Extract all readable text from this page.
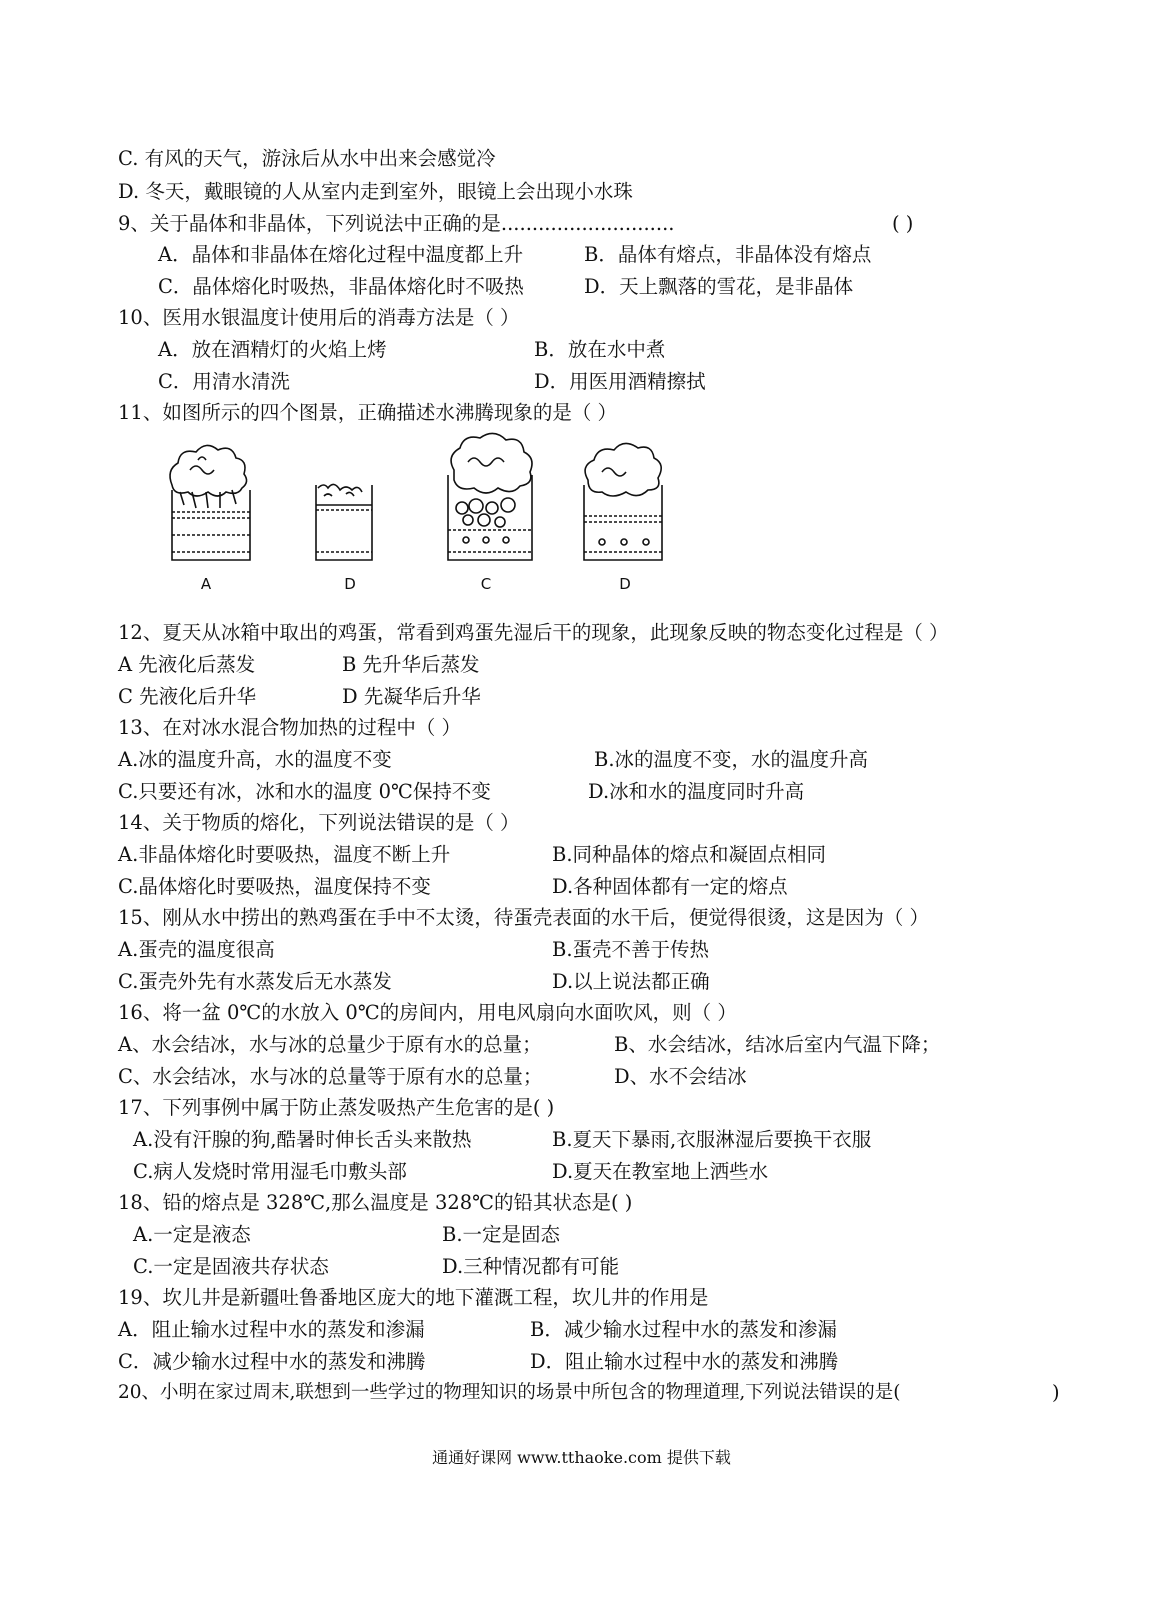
C. 有风的天气，游泳后从水中出来会感觉冷
D. 冬天，戴眼镜的人从室内走到室外，眼镜上会出现小水珠
9、关于晶体和非晶体，下列说法中正确的是............................	( )
A．晶体和非晶体在熔化过程中温度都上升	B．晶体有熔点，非晶体没有熔点
C．晶体熔化时吸热，非晶体熔化时不吸热	D．天上飘落的雪花，是非晶体
10、医用水银温度计使用后的消毒方法是（ ）
A．放在酒精灯的火焰上烤	B．放在水中煮
C．用清水清洗	D．用医用酒精擦拭
11、如图所示的四个图景，正确描述水沸腾现象的是（ ）
A	D	C	D
12、夏天从冰箱中取出的鸡蛋，常看到鸡蛋先湿后干的现象，此现象反映的物态变化过程是（ ）
A 先液化后蒸发	B 先升华后蒸发
C 先液化后升华	D 先凝华后升华
13、在对冰水混合物加热的过程中（ ）
A.冰的温度升高，水的温度不变	B.冰的温度不变，水的温度升高
C.只要还有冰，冰和水的温度 0℃保持不变	D.冰和水的温度同时升高
14、关于物质的熔化，下列说法错误的是（ ）
A.非晶体熔化时要吸热，温度不断上升	B.同种晶体的熔点和凝固点相同
C.晶体熔化时要吸热，温度保持不变	D.各种固体都有一定的熔点
15、刚从水中捞出的熟鸡蛋在手中不太烫，待蛋壳表面的水干后，便觉得很烫，这是因为（ ）
A.蛋壳的温度很高	B.蛋壳不善于传热
C.蛋壳外先有水蒸发后无水蒸发	D.以上说法都正确
16、将一盆 0℃的水放入 0℃的房间内，用电风扇向水面吹风，则（ ）
A、水会结冰，水与冰的总量少于原有水的总量；	B、水会结冰，结冰后室内气温下降；
C、水会结冰，水与冰的总量等于原有水的总量；	D、水不会结冰
17、下列事例中属于防止蒸发吸热产生危害的是( )
A.没有汗腺的狗,酷暑时伸长舌头来散热	B.夏天下暴雨,衣服淋湿后要换干衣服
C.病人发烧时常用湿毛巾敷头部	D.夏天在教室地上洒些水
18、铅的熔点是 328℃,那么温度是 328℃的铅其状态是( )
A.一定是液态	B.一定是固态
C.一定是固液共存状态	D.三种情况都有可能
19、坎儿井是新疆吐鲁番地区庞大的地下灌溉工程，坎儿井的作用是
A．阻止输水过程中水的蒸发和渗漏	B．减少输水过程中水的蒸发和渗漏
C．减少输水过程中水的蒸发和沸腾	D．阻止输水过程中水的蒸发和沸腾
20、小明在家过周末,联想到一些学过的物理知识的场景中所包含的物理道理,下列说法错误的是(	)
通通好课网 www.tthaoke.com 提供下载
